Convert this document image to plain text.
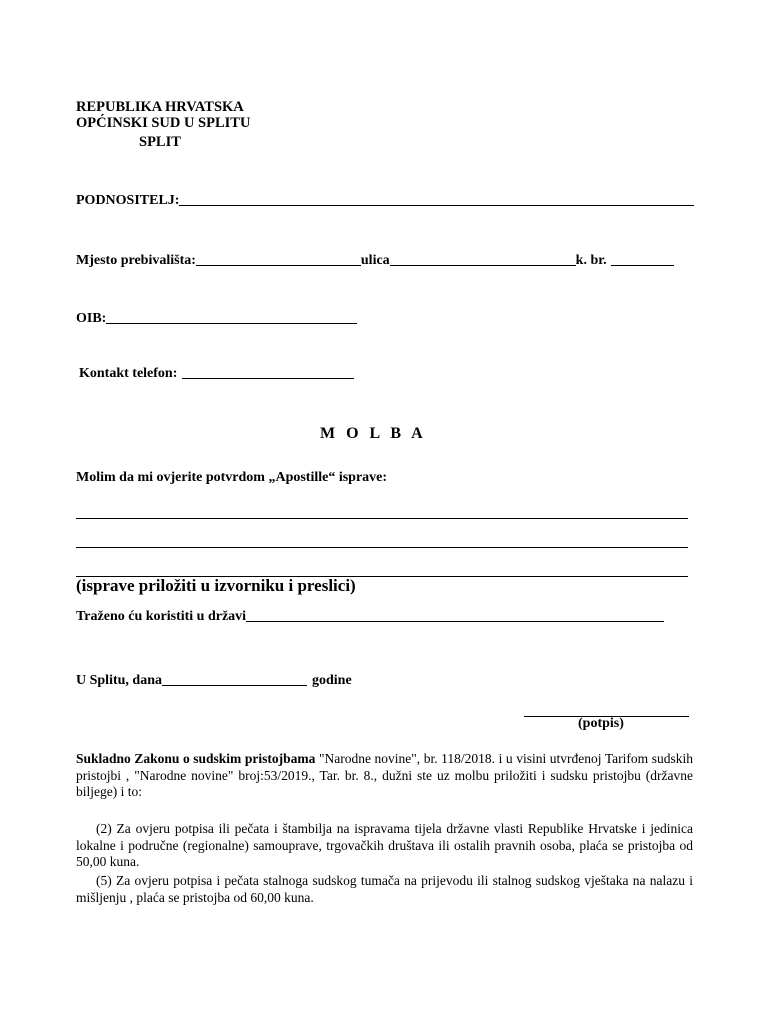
REPUBLIKA HRVATSKA
OPĆINSKI SUD U SPLITU
SPLIT
PODNOSITELJ:
Mjesto prebivališta:	ulica	k. br.
OIB:
Kontakt telefon:
M  O  L  B  A
Molim da mi ovjerite potvrdom „Apostille“ isprave:
(isprave priložiti u izvorniku i preslici)
Traženo ću koristiti u državi
U Splitu, dana	godine
(potpis)
Sukladno Zakonu o sudskim pristojbama "Narodne novine", br. 118/2018. i u visini utvrđenoj Tarifom sudskih pristojbi , "Narodne novine" broj:53/2019., Tar. br. 8., dužni ste uz molbu priložiti i sudsku pristojbu (državne biljege) i to:
(2) Za ovjeru potpisa ili pečata i štambilja na ispravama tijela državne vlasti Republike Hrvatske i jedinica lokalne i područne (regionalne) samouprave, trgovačkih društava ili ostalih pravnih osoba, plaća se pristojba od 50,00 kuna.
(5) Za ovjeru potpisa i pečata stalnoga sudskog tumača na prijevodu ili stalnog sudskog vještaka na nalazu i mišljenju , plaća se pristojba od 60,00 kuna.
